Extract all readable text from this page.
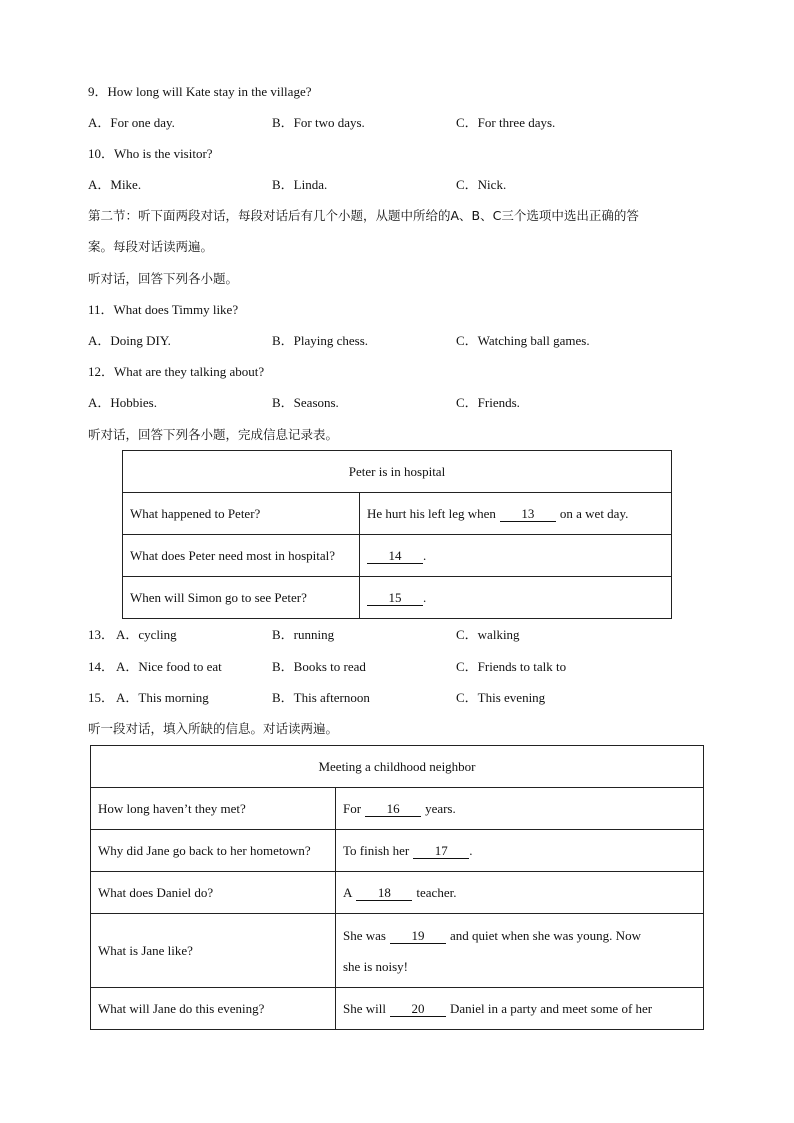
9．How long will Kate stay in the village?
A．For one day.	B．For two days.	C．For three days.
10．Who is the visitor?
A．Mike.	B．Linda.	C．Nick.
第二节：听下面两段对话，每段对话后有几个小题，从题中所给的A、B、C三个选项中选出正确的答
案。每段对话读两遍。
听对话，回答下列各小题。
11．What does Timmy like?
A．Doing DIY.	B．Playing chess.	C．Watching ball games.
12．What are they talking about?
A．Hobbies.	B．Seasons.	C．Friends.
听对话，回答下列各小题，完成信息记录表。
Peter is in hospital	
What happened to Peter?	He hurt his left leg when 13 on a wet day.
What does Peter need most in hospital?	14 .
When will Simon go to see Peter?	15 .
13． A．cycling	B．running	C．walking
14． A．Nice food to eat	B．Books to read	C．Friends to talk to
15． A．This morning	B．This afternoon	C．This evening
听一段对话，填入所缺的信息。对话读两遍。
Meeting a childhood neighbor	
How long haven’t they met?	For 16 years.
Why did Jane go back to her hometown?	To finish her 17 .
What does Daniel do?	A 18 teacher.
What is Jane like?	She was 19 and quiet when she was young. Now
she is noisy!
What will Jane do this evening?	She will 20 Daniel in a party and meet some of her
